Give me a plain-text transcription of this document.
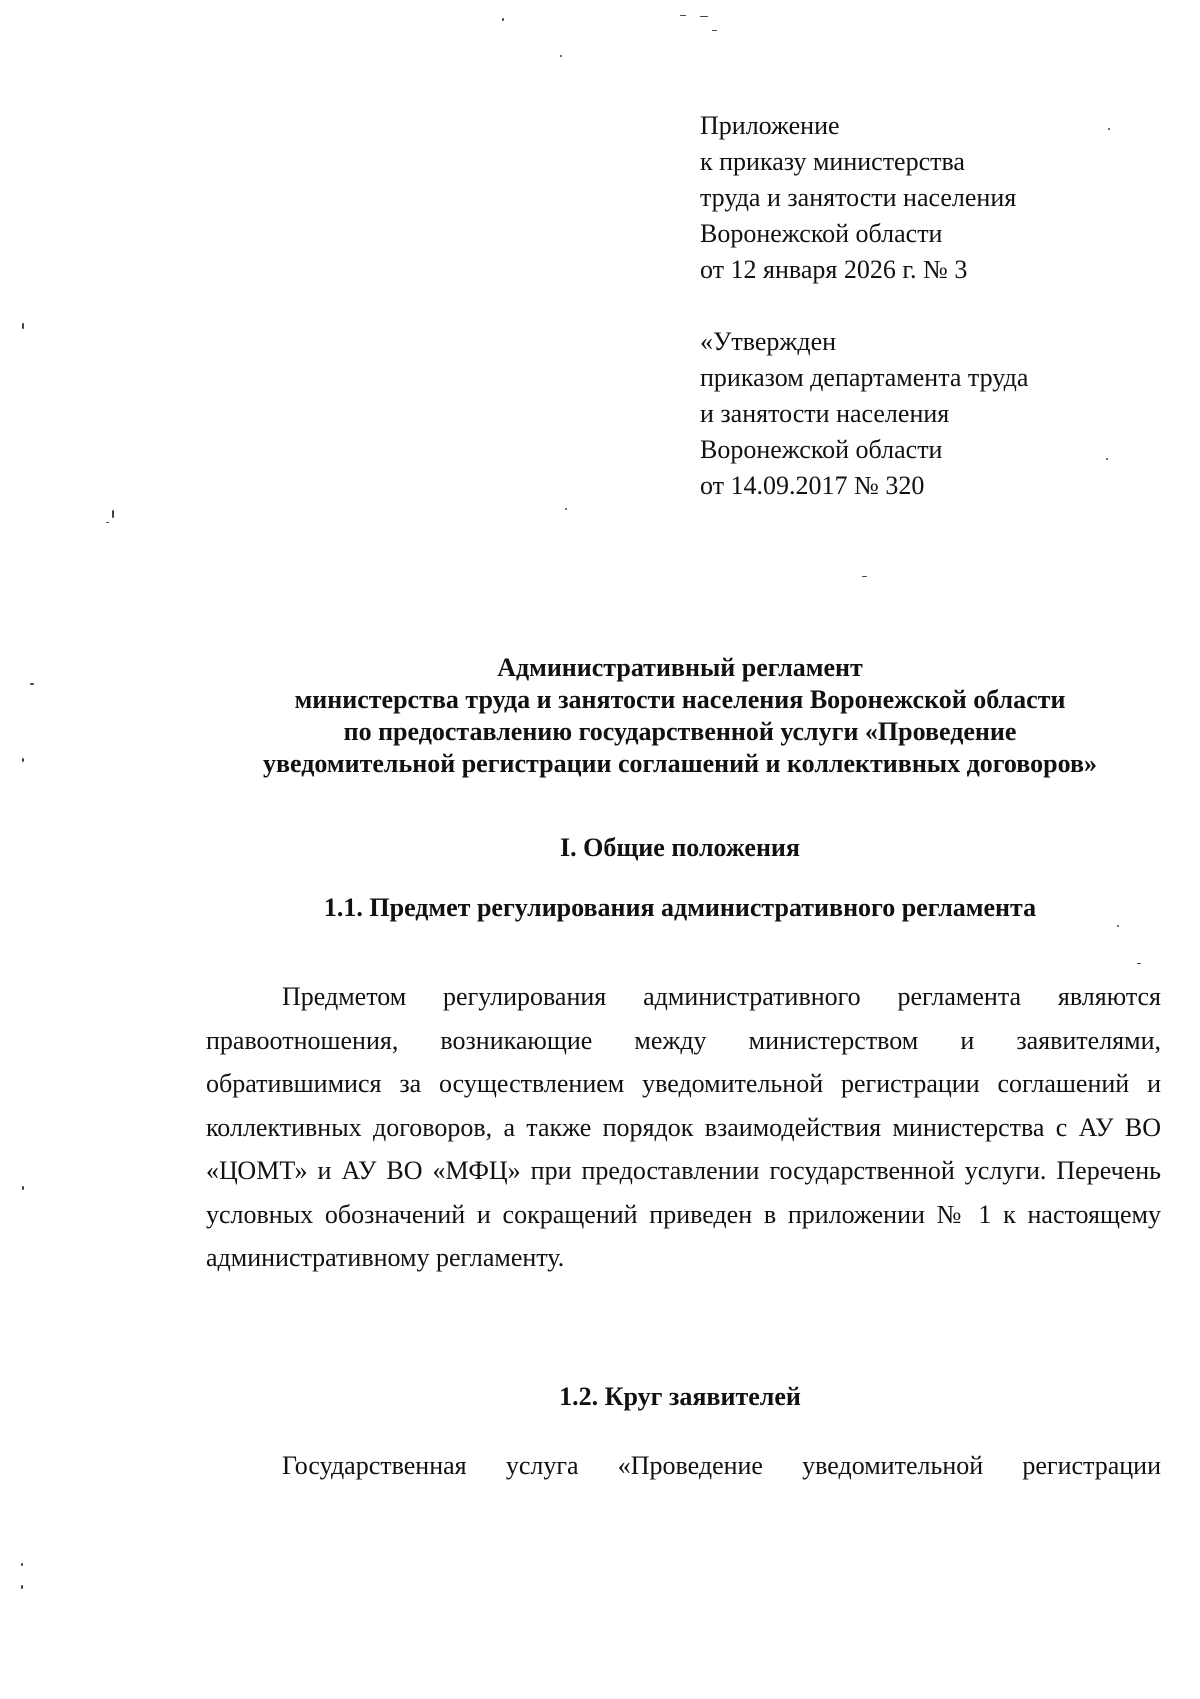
Приложение
к приказу министерства
труда и занятости населения
Воронежской области
от 12 января 2026 г. № 3
«Утвержден
приказом департамента труда
и занятости населения
Воронежской области
от 14.09.2017 № 320
Административный регламент
министерства труда и занятости населения Воронежской области
по предоставлению государственной услуги «Проведение
уведомительной регистрации соглашений и коллективных договоров»
I. Общие положения
1.1. Предмет регулирования административного регламента

Предметом регулирования административного регламента являются правоотношения, возникающие между министерством и заявителями, обратившимися за осуществлением уведомительной регистрации соглашений и коллективных договоров, а также порядок взаимодействия министерства с АУ ВО «ЦОМТ» и АУ ВО «МФЦ» при предоставлении государственной услуги. Перечень условных обозначений и сокращений приведен в приложении № 1 к настоящему административному регламенту.

1.2. Круг заявителей

Государственная услуга «Проведение уведомительной регистрации
